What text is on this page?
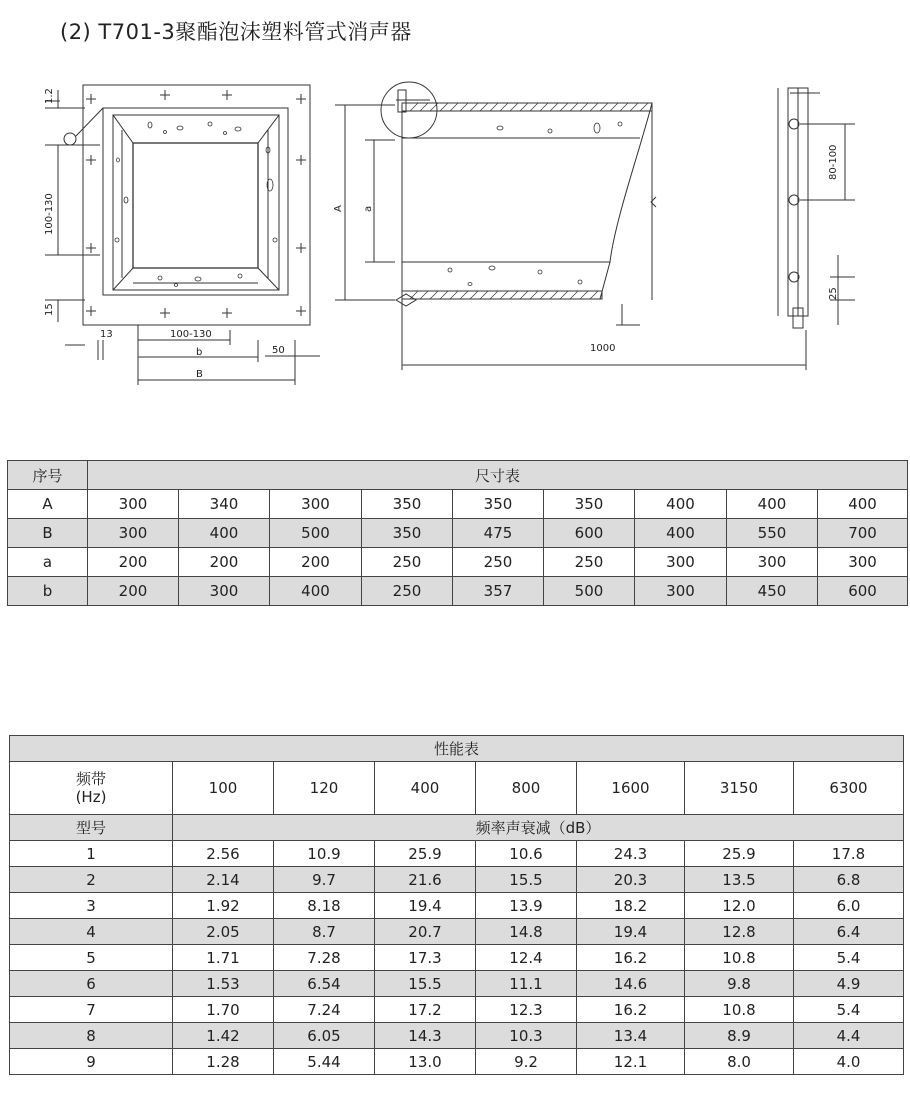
(2) T701-3聚酯泡沫塑料管式消声器
1.2
100-130
15
13	100-130
b	50
B
A a
1000
80-100
25
序号	尺寸表								
A	300	340	300	350	350	350	400	400	400
B	300	400	500	350	475	600	400	550	700
a	200	200	200	250	250	250	300	300	300
b	200	300	400	250	357	500	300	450	600
性能表							

频带
(Hz)	100	120	400	800	1600	3150	6300
型号	频率声衰减（dB）						
1	2.56	10.9	25.9	10.6	24.3	25.9	17.8
2	2.14	9.7	21.6	15.5	20.3	13.5	6.8
3	1.92	8.18	19.4	13.9	18.2	12.0	6.0
4	2.05	8.7	20.7	14.8	19.4	12.8	6.4
5	1.71	7.28	17.3	12.4	16.2	10.8	5.4
6	1.53	6.54	15.5	11.1	14.6	9.8	4.9
7	1.70	7.24	17.2	12.3	16.2	10.8	5.4
8	1.42	6.05	14.3	10.3	13.4	8.9	4.4
9	1.28	5.44	13.0	9.2	12.1	8.0	4.0
